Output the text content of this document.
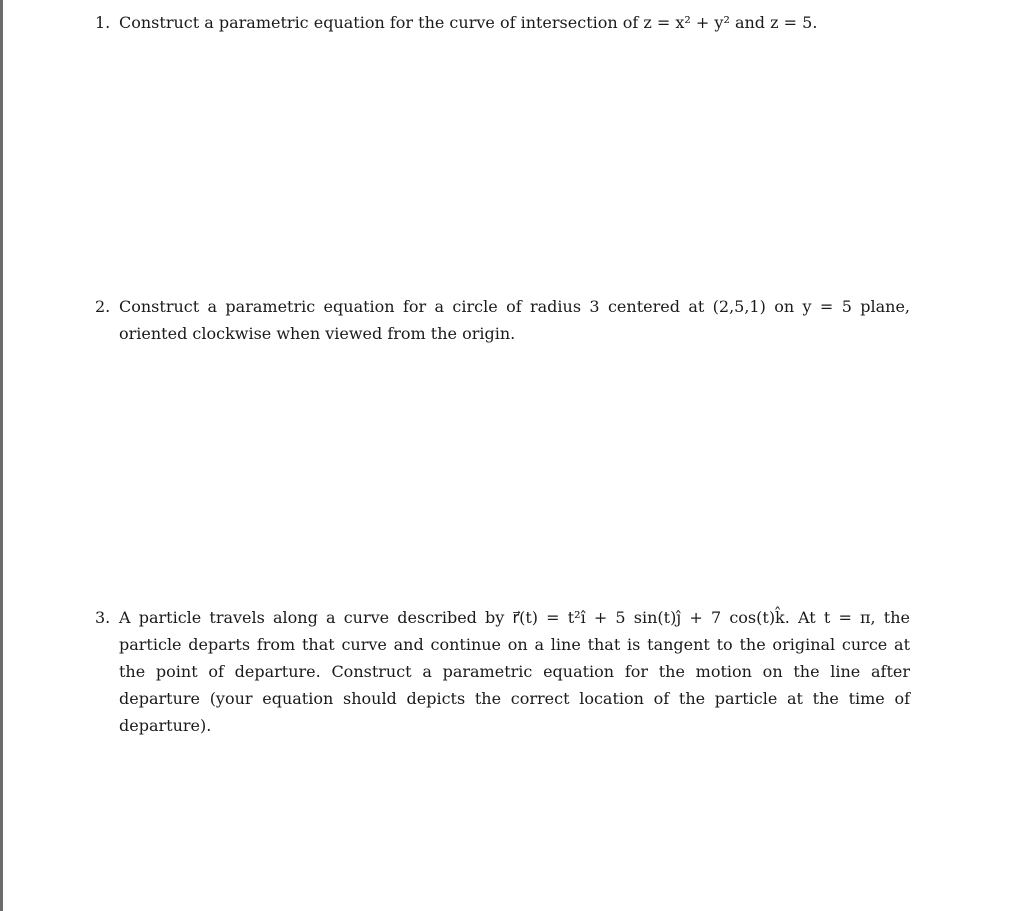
1. Construct a parametric equation for the curve of intersection of z = x² + y² and z = 5.
2. Construct a parametric equation for a circle of radius 3 centered at (2,5,1) on y = 5 plane, oriented clockwise when viewed from the origin.
3. A particle travels along a curve described by r⃗(t) = t²î + 5 sin(t)ĵ + 7 cos(t)k̂. At t = π, the particle departs from that curve and continue on a line that is tangent to the original curce at the point of departure. Construct a parametric equation for the motion on the line after departure (your equation should depicts the correct location of the particle at the time of departure).
